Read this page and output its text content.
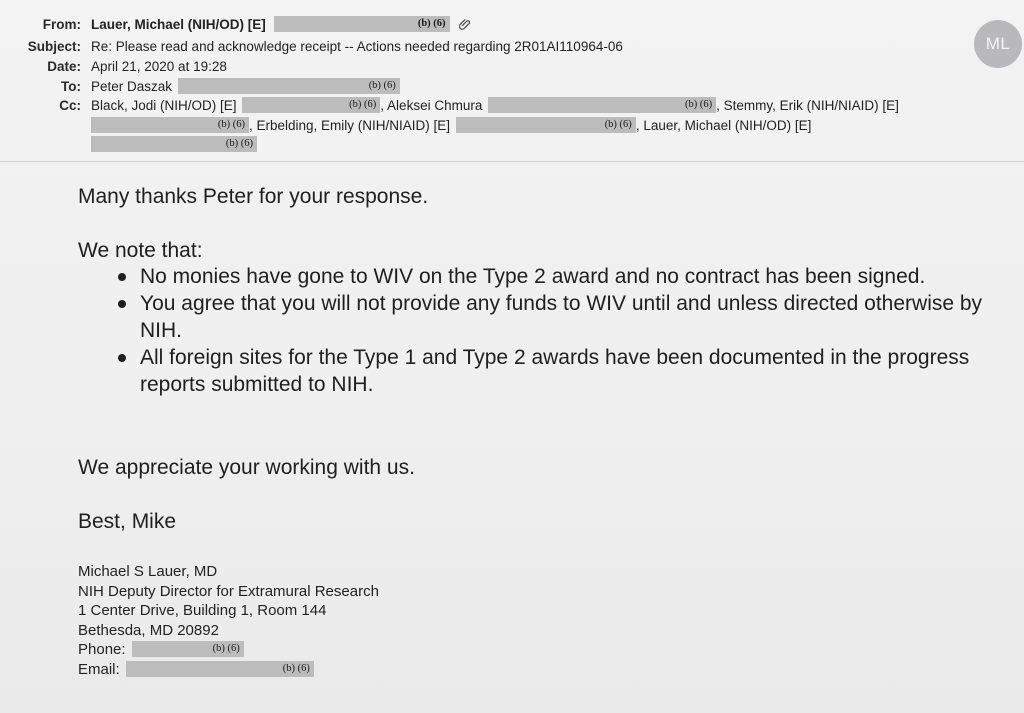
From: Lauer, Michael (NIH/OD) [E]	(b) (6)

Subject: Re: Please read and acknowledge receipt -- Actions needed regarding 2R01AI110964-06
Date: April 21, 2020 at 19:28
To: Peter Daszak	(b) (6)
Cc: Black, Jodi (NIH/OD) [E]	(b) (6) , Aleksei Chmura	(b) (6) , Stemmy, Erik (NIH/NIAID) [E]
(b) (6) , Erbelding, Emily (NIH/NIAID) [E]	(b) (6) , Lauer, Michael (NIH/OD) [E]
(b) (6)
ML
Many thanks Peter for your response.
We note that:
No monies have gone to WIV on the Type 2 award and no contract has been signed.
You agree that you will not provide any funds to WIV until and unless directed otherwise by NIH.
All foreign sites for the Type 1 and Type 2 awards have been documented in the progress reports submitted to NIH.
We appreciate your working with us.
Best, Mike
Michael S Lauer, MD
NIH Deputy Director for Extramural Research
1 Center Drive, Building 1, Room 144
Bethesda, MD 20892
Phone:	(b) (6)
Email:	(b) (6)
